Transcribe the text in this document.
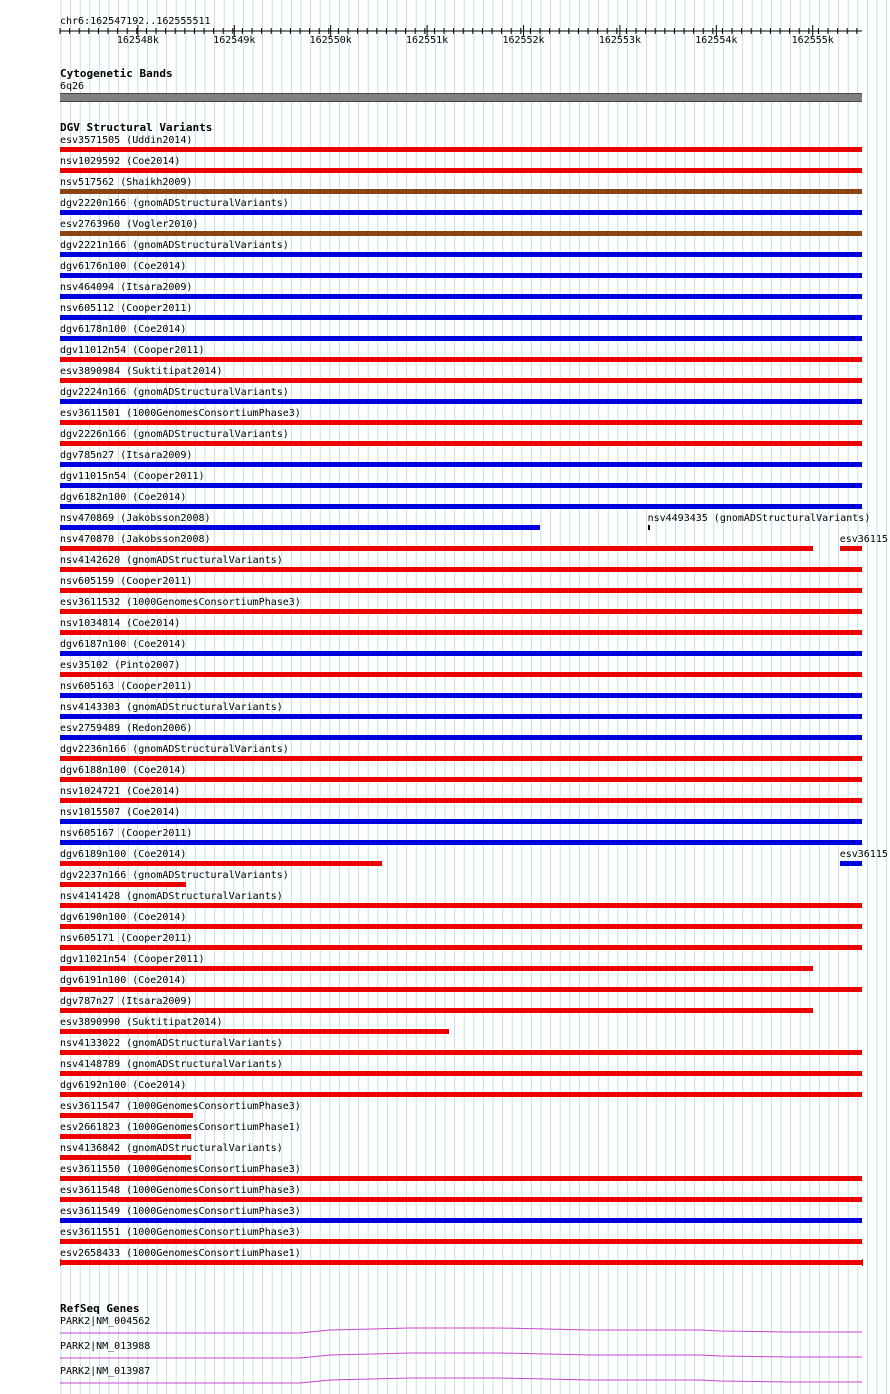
chr6:162547192..162555511
162548k	162549k	162550k	162551k	162552k	162553k	162554k	162555k
Cytogenetic Bands
6q26
DGV Structural Variants
esv3571505 (Uddin2014)
nsv1029592 (Coe2014)
nsv517562 (Shaikh2009)
dgv2220n166 (gnomADStructuralVariants)
esv2763960 (Vogler2010)
dgv2221n166 (gnomADStructuralVariants)
dgv6176n100 (Coe2014)
nsv464094 (Itsara2009)
nsv605112 (Cooper2011)
dgv6178n100 (Coe2014)
dgv11012n54 (Cooper2011)
esv3890984 (Suktitipat2014)
dgv2224n166 (gnomADStructuralVariants)
esv3611501 (1000GenomesConsortiumPhase3)
dgv2226n166 (gnomADStructuralVariants)
dgv785n27 (Itsara2009)
dgv11015n54 (Cooper2011)
dgv6182n100 (Coe2014)
nsv470869 (Jakobsson2008)
nsv470870 (Jakobsson2008)
nsv4142620 (gnomADStructuralVariants)
nsv605159 (Cooper2011)
esv3611532 (1000GenomesConsortiumPhase3)
nsv1034814 (Coe2014)
dgv6187n100 (Coe2014)
esv35102 (Pinto2007)
nsv605163 (Cooper2011)
nsv4143303 (gnomADStructuralVariants)
esv2759489 (Redon2006)
dgv2236n166 (gnomADStructuralVariants)
dgv6188n100 (Coe2014)
nsv1024721 (Coe2014)
nsv1015507 (Coe2014)
nsv605167 (Cooper2011)
dgv6189n100 (Coe2014)
dgv2237n166 (gnomADStructuralVariants)
nsv4141428 (gnomADStructuralVariants)
dgv6190n100 (Coe2014)
nsv605171 (Cooper2011)
dgv11021n54 (Cooper2011)
dgv6191n100 (Coe2014)
dgv787n27 (Itsara2009)
esv3890990 (Suktitipat2014)
nsv4133022 (gnomADStructuralVariants)
nsv4148789 (gnomADStructuralVariants)
dgv6192n100 (Coe2014)
esv3611547 (1000GenomesConsortiumPhase3)
esv2661823 (1000GenomesConsortiumPhase1)
nsv4136842 (gnomADStructuralVariants)
esv3611550 (1000GenomesConsortiumPhase3)
esv3611548 (1000GenomesConsortiumPhase3)
esv3611549 (1000GenomesConsortiumPhase3)
esv3611551 (1000GenomesConsortiumPhase3)
esv2658433 (1000GenomesConsortiumPhase1)
nsv4493435 (gnomADStructuralVariants)
esv36115
esv36115
RefSeq Genes
PARK2|NM_004562
PARK2|NM_013988
PARK2|NM_013987
